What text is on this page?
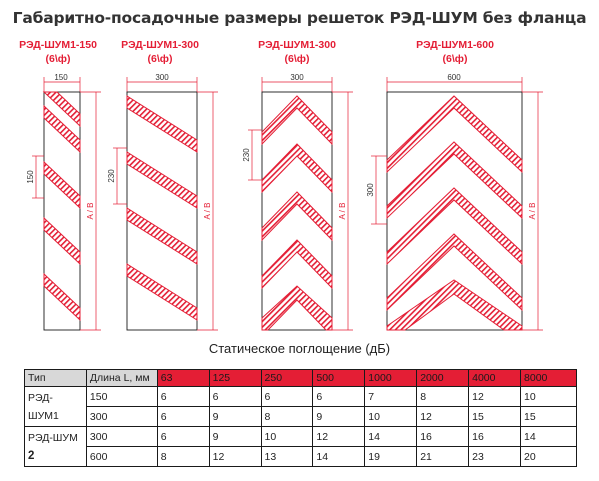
Габаритно-посадочные размеры решеток РЭД-ШУМ без фланца
РЭД-ШУМ1-150
(6\ф)
РЭД-ШУМ1-300
(6\ф)
РЭД-ШУМ1-300
(6\ф)
РЭД-ШУМ1-600
(6\ф)
150
A / B
150
300
A / B
230
300
A / B
230
600
A / B
300
Статическое поглощение (дБ)
Тип	Длина L, мм	63	125	250	500	1000	2000	4000	8000
РЭД-ШУМ1	150	6	6	6	6	7	8	12	10
	300	6	9	8	9	10	12	15	15
РЭД-ШУМ 2	300	6	9	10	12	14	16	16	14
	600	8	12	13	14	19	21	23	20
